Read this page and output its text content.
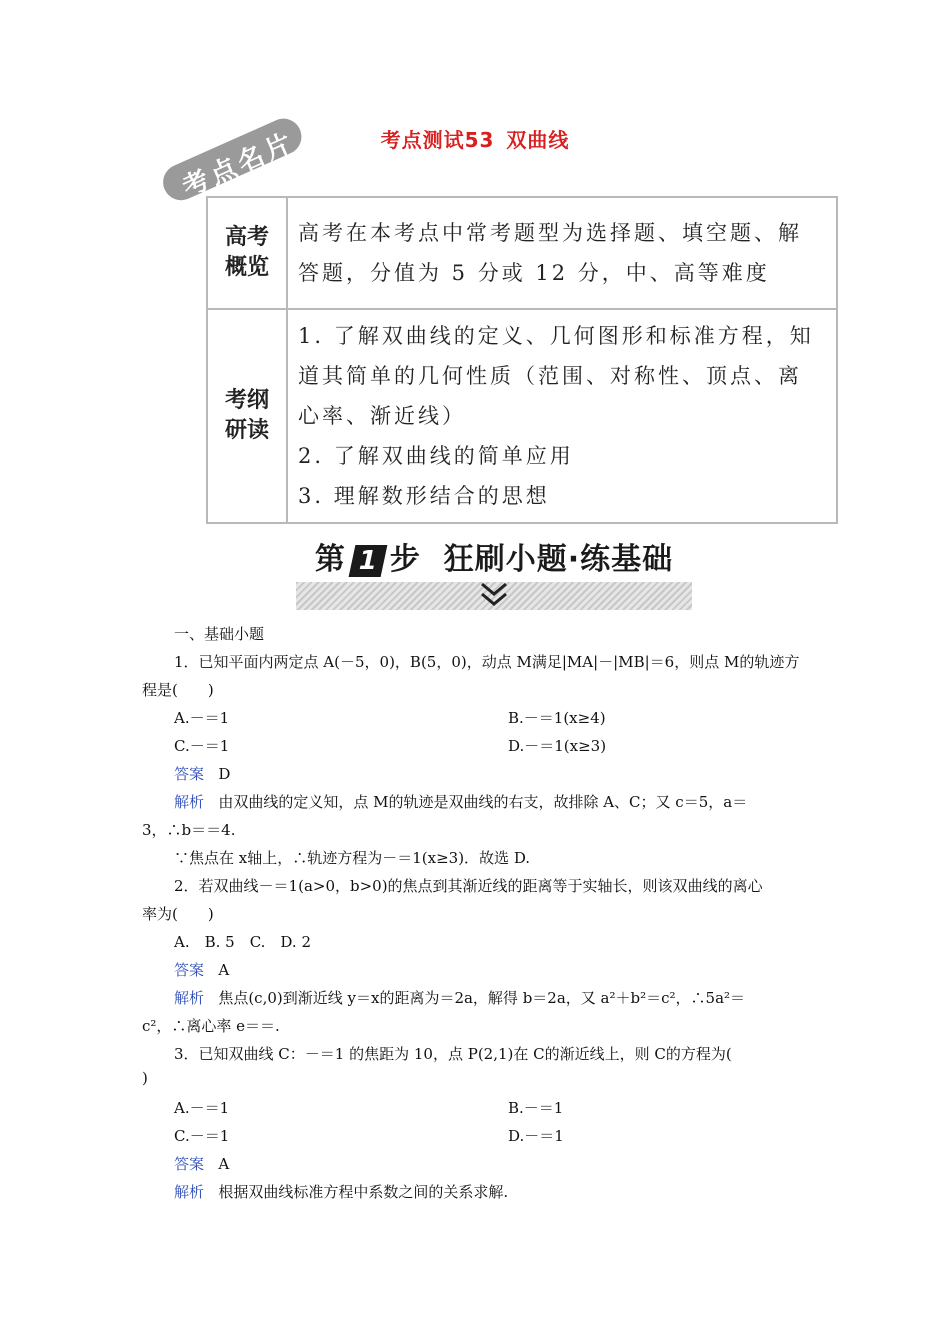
考点测试53 双曲线
考点名片
高考
概览	高考在本考点中常考题型为选择题、填空题、解
答题，分值为 5 分或 12 分，中、高等难度

考纲
研读	1. 了解双曲线的定义、几何图形和标准方程，知
道其简单的几何性质（范围、对称性、顶点、离
心率、渐近线）
2. 了解双曲线的简单应用
3. 理解数形结合的思想
第 1 步 狂刷小题·练基础
一、基础小题
1．已知平面内两定点 A(－5，0)，B(5，0)，动点 M满足|MA|－|MB|＝6，则点 M的轨迹方
程是(　　)
A.－＝1	B.－＝1(x≥4)
C.－＝1	D.－＝1(x≥3)
答案 D
解析 由双曲线的定义知，点 M的轨迹是双曲线的右支，故排除 A、C；又 c＝5，a＝
3，∴b＝＝4.
∵焦点在 x轴上，∴轨迹方程为－＝1(x≥3)．故选 D.
2．若双曲线－＝1(a>0，b>0)的焦点到其渐近线的距离等于实轴长，则该双曲线的离心
率为(　　)
A.　B. 5　C.　D. 2
答案 A
解析 焦点(c,0)到渐近线 y＝x的距离为＝2a，解得 b＝2a，又 a²＋b²＝c²，∴5a²＝
c²，∴离心率 e＝＝.
3．已知双曲线 C：－＝1 的焦距为 10，点 P(2,1)在 C的渐近线上，则 C的方程为(
)
A.－＝1	B.－＝1
C.－＝1	D.－＝1
答案 A
解析 根据双曲线标准方程中系数之间的关系求解.
